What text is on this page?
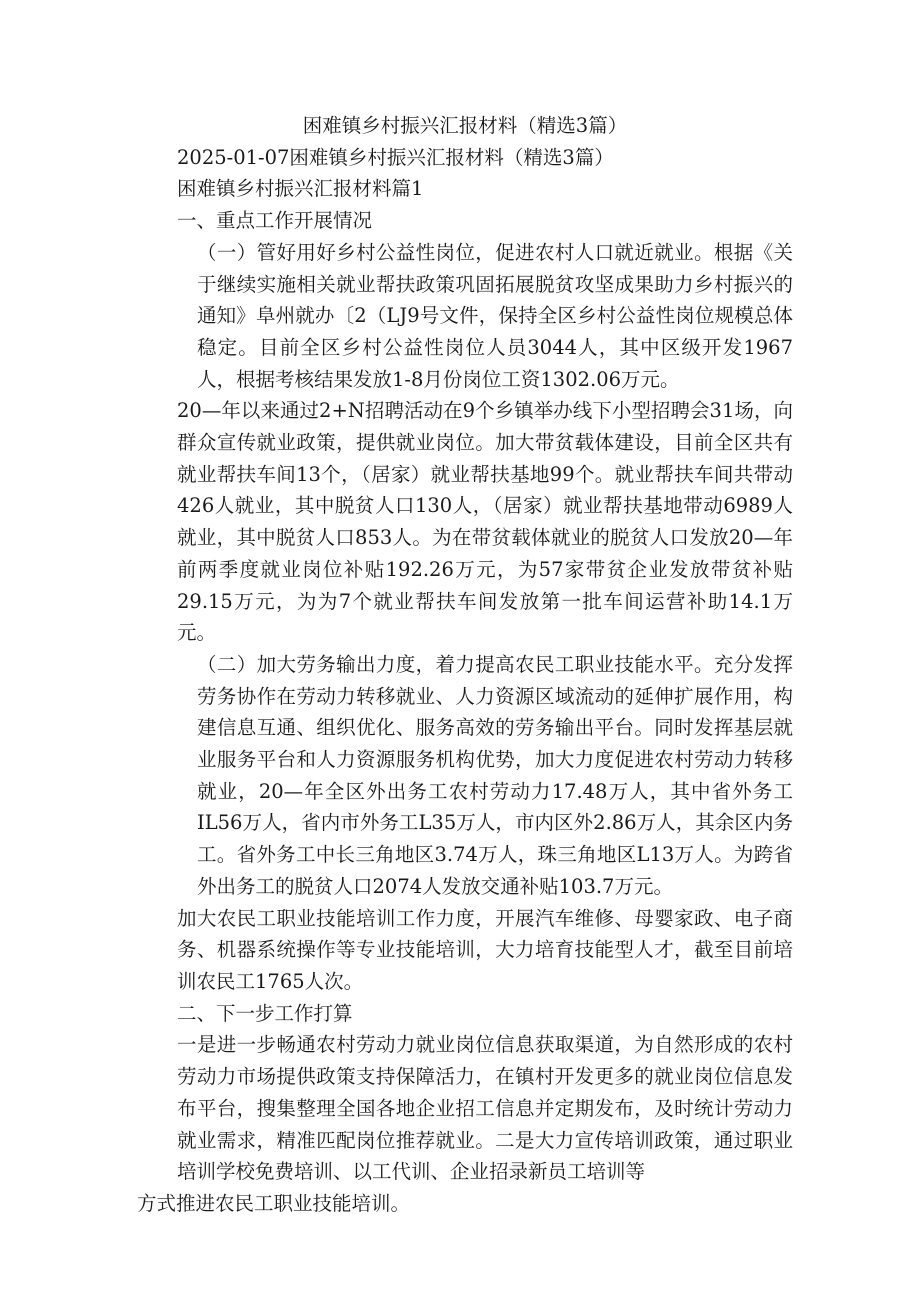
困难镇乡村振兴汇报材料（精选3篇）

2025-01-07困难镇乡村振兴汇报材料（精选3篇）

困难镇乡村振兴汇报材料篇1

一、重点工作开展情况

（一）管好用好乡村公益性岗位，促进农村人口就近就业。根据《关于继续实施相关就业帮扶政策巩固拓展脱贫攻坚成果助力乡村振兴的通知》阜州就办〔2（LJ9号文件，保持全区乡村公益性岗位规模总体稳定。目前全区乡村公益性岗位人员3044人，其中区级开发1967人，根据考核结果发放1-8月份岗位工资1302.06万元。

20—年以来通过2+N招聘活动在9个乡镇举办线下小型招聘会31场，向群众宣传就业政策，提供就业岗位。加大带贫载体建设，目前全区共有就业帮扶车间13个，（居家）就业帮扶基地99个。就业帮扶车间共带动426人就业，其中脱贫人口130人，（居家）就业帮扶基地带动6989人就业，其中脱贫人口853人。为在带贫载体就业的脱贫人口发放20—年前两季度就业岗位补贴192.26万元，为57家带贫企业发放带贫补贴29.15万元，为为7个就业帮扶车间发放第一批车间运营补助14.1万元。

（二）加大劳务输出力度，着力提高农民工职业技能水平。充分发挥劳务协作在劳动力转移就业、人力资源区域流动的延伸扩展作用，构建信息互通、组织优化、服务高效的劳务输出平台。同时发挥基层就业服务平台和人力资源服务机构优势，加大力度促进农村劳动力转移就业，20—年全区外出务工农村劳动力17.48万人，其中省外务工IL56万人，省内市外务工L35万人，市内区外2.86万人，其余区内务工。省外务工中长三角地区3.74万人，珠三角地区L13万人。为跨省外出务工的脱贫人口2074人发放交通补贴103.7万元。

加大农民工职业技能培训工作力度，开展汽车维修、母婴家政、电子商务、机器系统操作等专业技能培训，大力培育技能型人才，截至目前培训农民工1765人次。

二、下一步工作打算

一是进一步畅通农村劳动力就业岗位信息获取渠道，为自然形成的农村劳动力市场提供政策支持保障活力，在镇村开发更多的就业岗位信息发布平台，搜集整理全国各地企业招工信息并定期发布，及时统计劳动力就业需求，精准匹配岗位推荐就业。二是大力宣传培训政策，通过职业培训学校免费培训、以工代训、企业招录新员工培训等

方式推进农民工职业技能培训。
